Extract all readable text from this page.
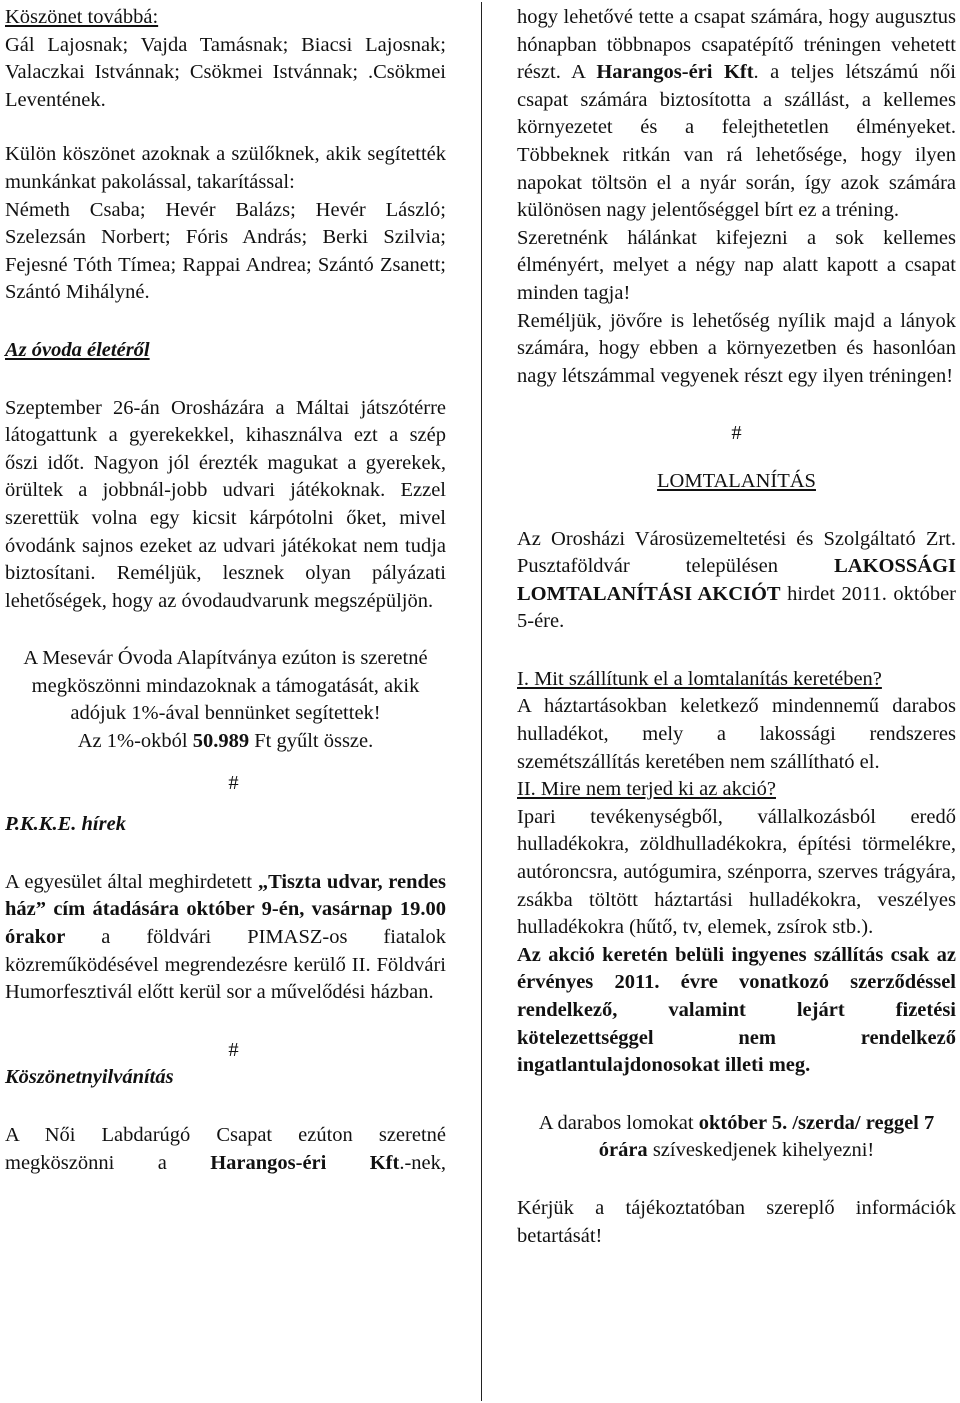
Köszönet továbbá:

Gál Lajosnak; Vajda Tamásnak; Biacsi Lajosnak; Valaczkai Istvánnak; Csökmei Istvánnak; .Csökmei Leventének.

Külön köszönet azoknak a szülőknek, akik segítették munkánkat pakolással, takarítással:

Németh Csaba; Hevér Balázs; Hevér László; Szelezsán Norbert; Fóris András; Berki Szilvia; Fejesné Tóth Tímea; Rappai Andrea; Szántó Zsanett; Szántó Mihályné.

Az óvoda életéről

Szeptember 26-án Orosházára a Máltai játszótérre látogattunk a gyerekekkel, kihasználva ezt a szép őszi időt. Nagyon jól érezték magukat a gyerekek, örültek a jobbnál-jobb udvari játékoknak. Ezzel szerettük volna egy kicsit kárpótolni őket, mivel óvodánk sajnos ezeket az udvari játékokat nem tudja biztosítani. Reméljük, lesznek olyan pályázati lehetőségek, hogy az óvodaudvarunk megszépüljön.

A Mesevár Óvoda Alapítványa ezúton is szeretné megköszönni mindazoknak a támogatását, akik adójuk 1%-ával bennünket segítettek!

Az 1%-okból 50.989 Ft gyűlt össze.

#

P.K.K.E. hírek

A egyesület által meghirdetett „Tiszta udvar, rendes ház” cím átadására október 9-én, vasárnap 19.00 órakor a földvári PIMASZ-os fiatalok közreműködésével megrendezésre kerülő II. Földvári Humorfesztivál előtt kerül sor a művelődési házban.

#

Köszönetnyilvánítás

A Női Labdarúgó Csapat ezúton szeretné megköszönni a Harangos-éri Kft.-nek,

hogy lehetővé tette a csapat számára, hogy augusztus hónapban többnapos csapatépítő tréningen vehetett részt. A Harangos-éri Kft. a teljes létszámú női csapat számára biztosította a szállást, a kellemes környezetet és a felejthetetlen élményeket. Többeknek ritkán van rá lehetősége, hogy ilyen napokat töltsön el a nyár során, így azok számára különösen nagy jelentőséggel bírt ez a tréning.

Szeretnénk hálánkat kifejezni a sok kellemes élményért, melyet a négy nap alatt kapott a csapat minden tagja!

Reméljük, jövőre is lehetőség nyílik majd a lányok számára, hogy ebben a környezetben és hasonlóan nagy létszámmal vegyenek részt egy ilyen tréningen!

#

LOMTALANÍTÁS

Az Orosházi Városüzemeltetési és Szolgáltató Zrt. Pusztaföldvár településen LAKOSSÁGI LOMTALANÍTÁSI AKCIÓT hirdet 2011. október 5-ére.

I. Mit szállítunk el a lomtalanítás keretében?

A háztartásokban keletkező mindennemű darabos hulladékot, mely a lakossági rendszeres szemétszállítás keretében nem szállítható el.

II. Mire nem terjed ki az akció?

Ipari tevékenységből, vállalkozásból eredő hulladékokra, zöldhulladékokra, építési törmelékre, autóroncsra, autógumira, szénporra, szerves trágyára, zsákba töltött háztartási hulladékokra, veszélyes hulladékokra (hűtő, tv, elemek, zsírok stb.).

Az akció keretén belüli ingyenes szállítás csak az érvényes 2011. évre vonatkozó szerződéssel rendelkező, valamint lejárt fizetési kötelezettséggel nem rendelkező ingatlantulajdonosokat illeti meg.

A darabos lomokat október 5. /szerda/ reggel 7 órára szíveskedjenek kihelyezni!

Kérjük a tájékoztatóban szereplő információk betartását!
